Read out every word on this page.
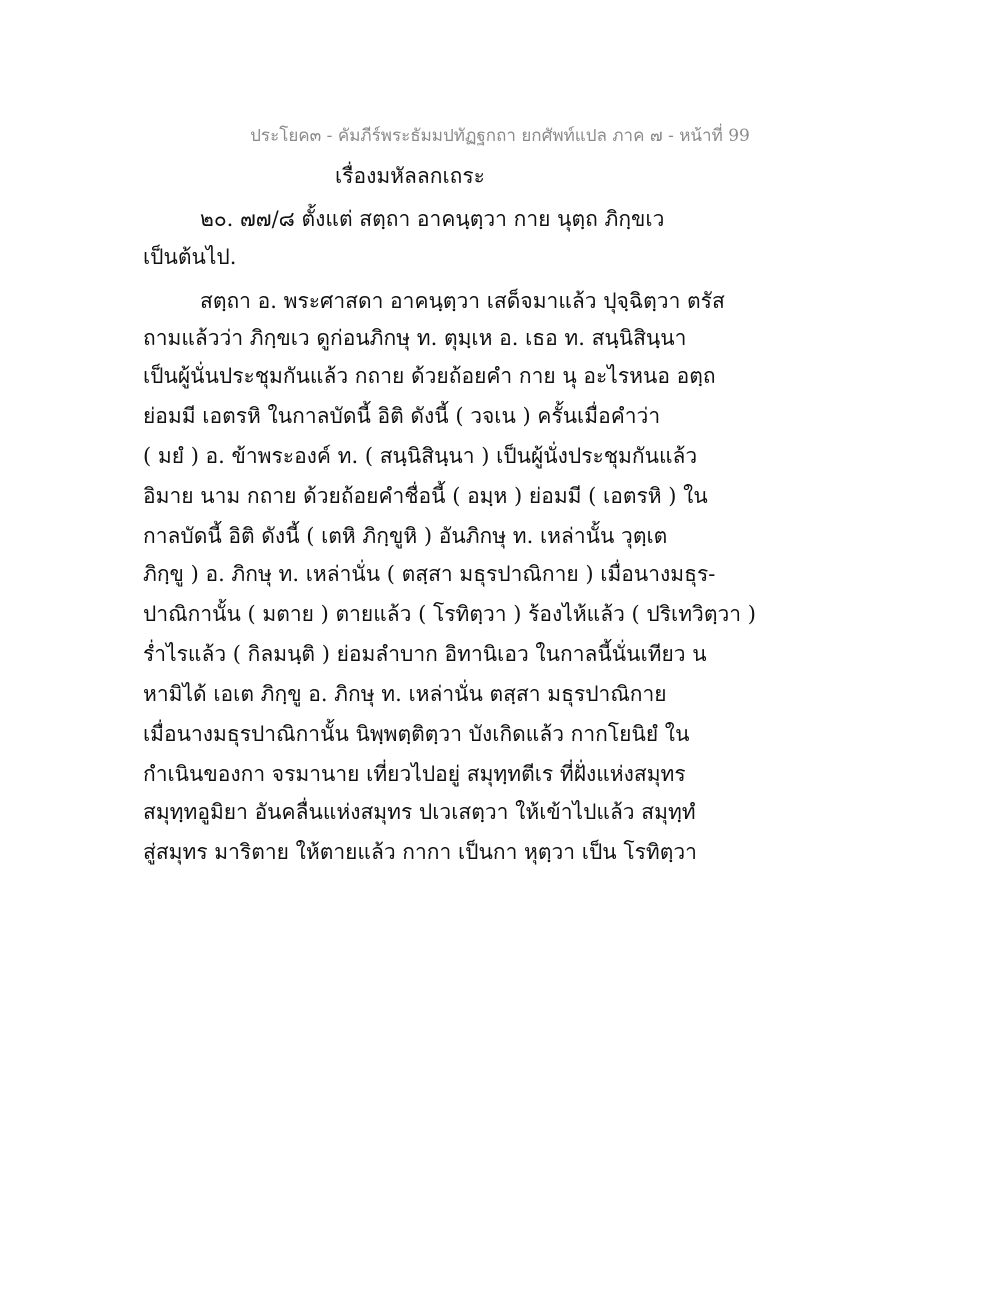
ประโยค๓ - คัมภีร์พระธัมมปทัฏฐกถา ยกศัพท์แปล ภาค ๗ - หน้าที่ 99
เรื่องมหัลลกเถระ
๒๐. ๗๗/๘ ตั้งแต่ สตฺถา อาคนฺตฺวา กาย นุตฺถ ภิกฺขเว
เป็นต้นไป.
สตฺถา อ. พระศาสดา อาคนฺตฺวา เสด็จมาแล้ว ปุจฺฉิตฺวา ตรัส
ถามแล้วว่า ภิกฺขเว ดูก่อนภิกษุ ท. ตุมฺเห อ. เธอ ท. สนฺนิสินฺนา
เป็นผู้นั่นประชุมกันแล้ว กถาย ด้วยถ้อยคำ กาย นุ อะไรหนอ อตฺถ
ย่อมมี เอตรหิ ในกาลบัดนี้ อิติ ดังนี้ ( วจเน ) ครั้นเมื่อคำว่า
( มยํ ) อ. ข้าพระองค์ ท. ( สนฺนิสินฺนา ) เป็นผู้นั่งประชุมกันแล้ว
อิมาย นาม กถาย ด้วยถ้อยคำชื่อนี้ ( อมฺห ) ย่อมมี ( เอตรหิ ) ใน
กาลบัดนี้ อิติ ดังนี้ ( เตหิ ภิกฺขูหิ ) อันภิกษุ ท. เหล่านั้น วุตฺเต
ภิกฺขู ) อ. ภิกษุ ท. เหล่านั่น ( ตสฺสา มธุรปาณิกาย ) เมื่อนางมธุร-
ปาณิกานั้น ( มตาย ) ตายแล้ว ( โรทิตฺวา ) ร้องไห้แล้ว ( ปริเทวิตฺวา )
ร่ำไรแล้ว ( กิลมนฺติ ) ย่อมลำบาก อิทานิเอว ในกาลนี้นั่นเทียว น
หามิได้ เอเต ภิกฺขู อ. ภิกษุ ท. เหล่านั่น ตสฺสา มธุรปาณิกาย
เมื่อนางมธุรปาณิกานั้น นิพฺพตฺติตฺวา บังเกิดแล้ว กากโยนิยํ ใน
กำเนินของกา จรมานาย เที่ยวไปอยู่ สมุทฺทตีเร ที่ฝั่งแห่งสมุทร
สมุทฺทอูมิยา อันคลื่นแห่งสมุทร ปเวเสตฺวา ให้เข้าไปแล้ว สมุทฺทํ
สู่สมุทร มาริตาย ให้ตายแล้ว กากา เป็นกา หุตฺวา เป็น โรทิตฺวา
